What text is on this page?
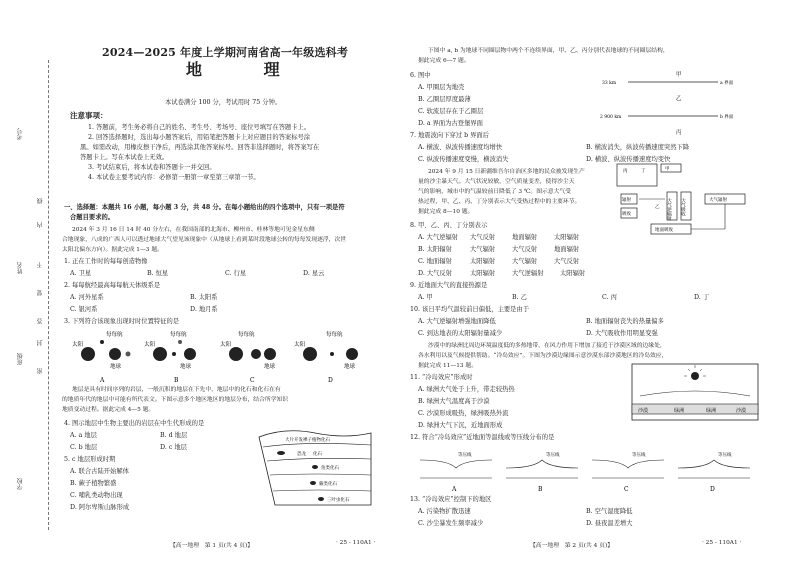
考号
姓名
线
内
不
要
答
封
密
班级
学校
2024—2025 年度上学期河南省高一年级选科考
地 理
本试卷满分 100 分，考试用时 75 分钟。
注意事项：
1. 答题前，考生务必将自己的姓名、考生号、考场号、座位号填写在答题卡上。
2. 回答选择题时，选出每小题答案后，用铅笔把答题卡上对应题目的答案标号涂
黑。如需改动，用橡皮擦干净后，再选涂其他答案标号。回答非选择题时，将答案写在
答题卡上。写在本试卷上无效。
3. 考试结束后，将本试卷和答题卡一并交回。
4. 本试卷主要考试内容：必修第一册第一章至第三章第一节。
一、选择题：本题共 16 小题，每小题 3 分，共 48 分。在每小题给出的四个选项中，只有一项是符
合题目要求的。
2024 年 3 月 16 日 14 时 40 分左右，在我国南部的北海市、柳州市、桂林等地可见金星东侧
合地现象，八成的广西人可以透过地球大气望见该现象中（从地球上看到某时段地球公转的每每发现逐浮，次世
太阳北偏东方向）。据此完成 1—3 题。
1. 正在工作时的每每创造物像
A. 卫星	B. 恒星	C. 行星	D. 星云
2. 每每航经最高每每航天体级系是
A. 河外星系	B. 太阳系
C. 银河系	D. 地月系
3. 下列符合该现象出现时时位置特征的是
太阳
地球
每每航
太阳
地球
每每航
太阳
每每航
地球
太阳
每每航
地球
A	B	C	D
地层是具有时间序列的岩层，一般沉积的地层在下先中，地层中的化石和化石在有
的地质年代的地层中可能有所代表文。下图示意多个地区地区的地层分布，结合所学知识
地质变动过程。据此完成 4—5 题。
4. 图示地层中生物主要出的岩层在中生代形成的是
A. a 地层	B. d 地层
C. b 地层	D. c 地层
5. c 地层形成时期
A. 联合古陆开始解体
B. 蕨子植物繁盛
C. 哺乳类动物出现
D. 阿尔卑斯山脉形成
大片开发裸子植物化石
恐龙 化石
鱼类化石
蕨类化石
三叶虫化石
【高一地理　第 1 页(共 4 页)】	· 25 - 110A1 ·
下图中 a, b 为地球不同圈层物中两个不连续界面，甲、乙、丙分别代表地球的不同圈层结构，
据此完成 6—7 题。
6. 图中
A. 甲圈层为地壳
B. 乙圈层厚度最薄
C. 软流层存在于乙圈层
D. a 界面为古登堡界面
甲
乙
丙
33 km	a 界面
2 900 km	b 界面
7. 地震波向下穿过 b 界面后
A. 横波、纵波传播速度均增快	B. 横波消失，纵波传播速度突然下降
C. 纵波传播速度变慢，横波消失	D. 横波、纵波传播速度均变快
2024 年 9 月 15 日新疆维吾尔自治区多地的民众被发现生产
量的沙尘暴天气。大气状况较敏，空气质量变差，使得沙尘天
气的影响，城市中的气温较前日降低了 3 ℃。图示意大气受
热过程，甲、乙、丙、丁分别表示大气受热过程中的主要环节。
据此完成 8—10 题。
丙	丁	甲
辐射
吸收	大气逆辐射 大气吸收
乙
地面吸收
大气辐射
8. 甲、乙、丙、丁分别表示
A. 大气逆辐射 大气反射	地面辐射	太阳辐射
B. 太阳辐射	大气辐射	大气反射	地面辐射
C. 地面辐射	太阳辐射	大气辐射	大气反射
D. 大气反射	太阳辐射	大气逆辐射	太阳辐射
9. 近地面大气的直接热源是
A. 甲	B. 乙	C. 丙	D. 丁
10. 该日平均气温较前日偏低，主要是由于
A. 大气逆辐射增强地面降低	B. 地面辐射丧失的热量偏多
C. 到达地表的太阳辐射量减少	D. 大气吸收作用明显变强
沙漠中的绿洲比周边环境温度低的多热地带，在风力作用下增加了接近于沙漠区域的边缘处，
各水利用以及气候提供帮助。“冷岛效应”。下图为沙漠边缘图示意沙漠东部沙漠地区的冷岛效应，
据此完成 11—13 题。
11. “冷岛效应”形成时
A. 绿洲大气处于上升，带走较热热
B. 绿洲大气温度高于沙漠
C. 沙漠形成吸热，绿洲吸热外流
D. 绿洲大气下沉，近地面形成
沙漠	绿洲	绿洲	沙漠
12. 符合“冷岛效应”近地面等温线或等压线分布的是
等压线	等压线	等压线	等压线
A	B	C	D
13. “冷岛效应”控制下的地区
A. 污染物扩散迅速	B. 空气湿度降低
C. 沙尘暴发生频率减少	D. 昼夜温差增大
【高一地理　第 2 页(共 4 页)】	· 25 - 110A1 ·
